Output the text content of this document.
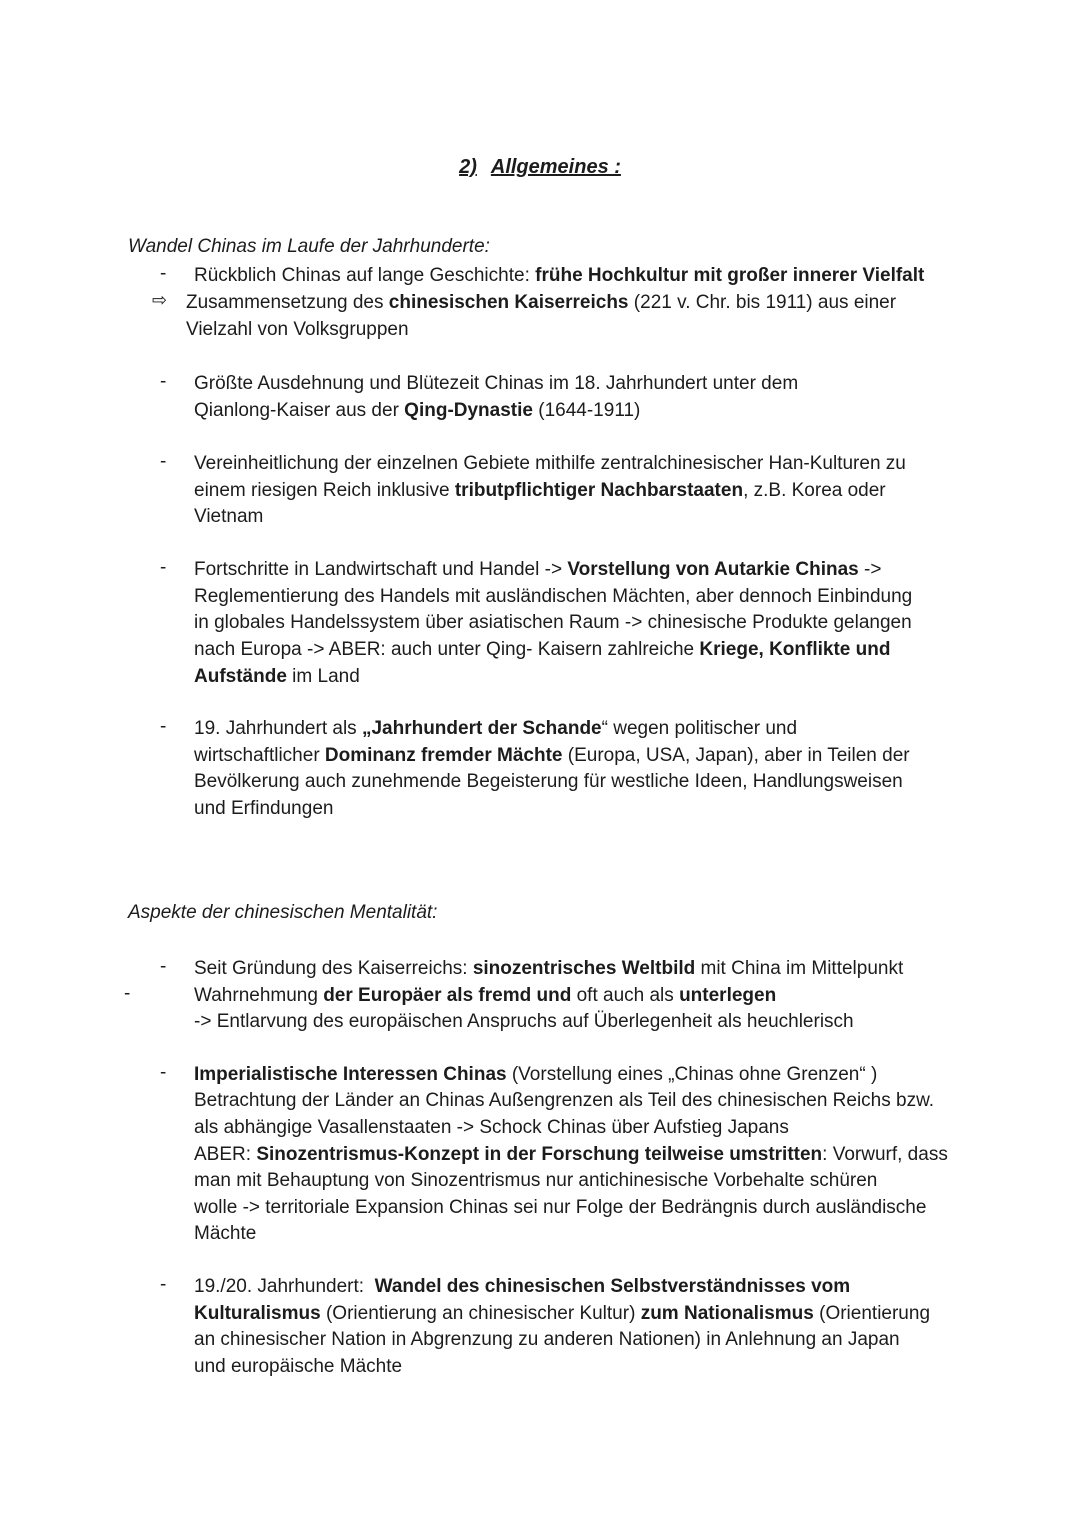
2) Allgemeines :
Wandel Chinas im Laufe der Jahrhunderte:
- Rückblich Chinas auf lange Geschichte: frühe Hochkultur mit großer innerer Vielfalt
⇨ Zusammensetzung des chinesischen Kaiserreichs (221 v. Chr. bis 1911) aus einer
Vielzahl von Volksgruppen
- Größte Ausdehnung und Blütezeit Chinas im 18. Jahrhundert unter dem
Qianlong-Kaiser aus der Qing-Dynastie (1644-1911)
- Vereinheitlichung der einzelnen Gebiete mithilfe zentralchinesischer Han-Kulturen zu
einem riesigen Reich inklusive tributpflichtiger Nachbarstaaten, z.B. Korea oder
Vietnam
- Fortschritte in Landwirtschaft und Handel -> Vorstellung von Autarkie Chinas ->
Reglementierung des Handels mit ausländischen Mächten, aber dennoch Einbindung
in globales Handelssystem über asiatischen Raum -> chinesische Produkte gelangen
nach Europa -> ABER: auch unter Qing- Kaisern zahlreiche Kriege, Konflikte und
Aufstände im Land
- 19. Jahrhundert als „Jahrhundert der Schande“ wegen politischer und
wirtschaftlicher Dominanz fremder Mächte (Europa, USA, Japan), aber in Teilen der
Bevölkerung auch zunehmende Begeisterung für westliche Ideen, Handlungsweisen
und Erfindungen
Aspekte der chinesischen Mentalität:
- Seit Gründung des Kaiserreichs: sinozentrisches Weltbild mit China im Mittelpunkt
-	Wahrnehmung der Europäer als fremd und oft auch als unterlegen
-> Entlarvung des europäischen Anspruchs auf Überlegenheit als heuchlerisch
- Imperialistische Interessen Chinas (Vorstellung eines „Chinas ohne Grenzen“ )
Betrachtung der Länder an Chinas Außengrenzen als Teil des chinesischen Reichs bzw.
als abhängige Vasallenstaaten -> Schock Chinas über Aufstieg Japans
ABER: Sinozentrismus-Konzept in der Forschung teilweise umstritten: Vorwurf, dass
man mit Behauptung von Sinozentrismus nur antichinesische Vorbehalte schüren
wolle -> territoriale Expansion Chinas sei nur Folge der Bedrängnis durch ausländische
Mächte
- 19./20. Jahrhundert:  Wandel des chinesischen Selbstverständnisses vom
Kulturalismus (Orientierung an chinesischer Kultur) zum Nationalismus (Orientierung
an chinesischer Nation in Abgrenzung zu anderen Nationen) in Anlehnung an Japan
und europäische Mächte
